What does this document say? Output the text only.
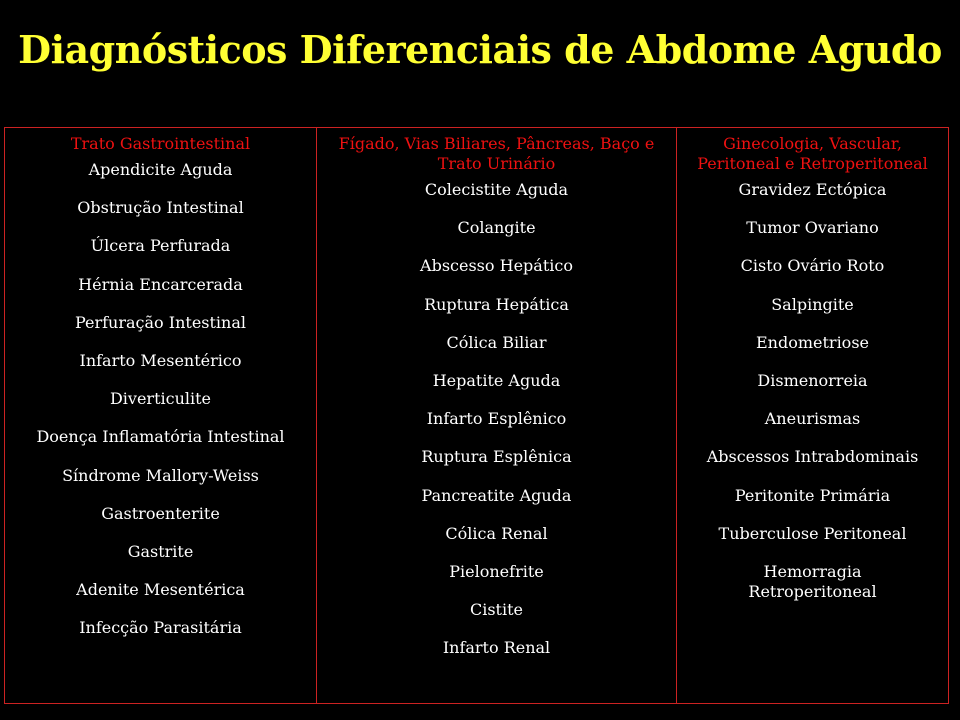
Diagnósticos Diferenciais de Abdome Agudo
Trato Gastrointestinal
Apendicite Aguda
Obstrução Intestinal
Úlcera Perfurada
Hérnia Encarcerada
Perfuração Intestinal
Infarto Mesentérico
Diverticulite
Doença Inflamatória Intestinal
Síndrome Mallory-Weiss
Gastroenterite
Gastrite
Adenite Mesentérica
Infecção Parasitária
Fígado, Vias Biliares, Pâncreas, Baço e Trato Urinário
Colecistite Aguda
Colangite
Abscesso Hepático
Ruptura Hepática
Cólica Biliar
Hepatite Aguda
Infarto Esplênico
Ruptura Esplênica
Pancreatite Aguda
Cólica Renal
Pielonefrite
Cistite
Infarto Renal
Ginecologia, Vascular, Peritoneal e Retroperitoneal
Gravidez Ectópica
Tumor Ovariano
Cisto Ovário Roto
Salpingite
Endometriose
Dismenorreia
Aneurismas
Abscessos Intrabdominais
Peritonite Primária
Tuberculose Peritoneal
Hemorragia Retroperitoneal
